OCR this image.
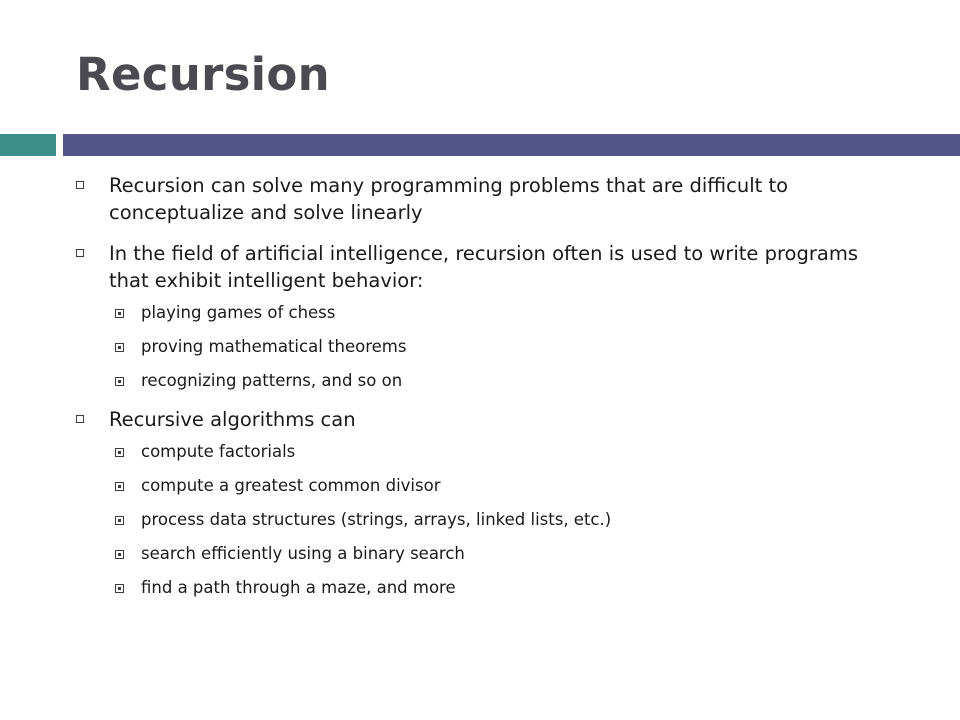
Recursion
Recursion can solve many programming problems that are difficult to conceptualize and solve linearly
In the field of artificial intelligence, recursion often is used to write programs that exhibit intelligent behavior:
playing games of chess
proving mathematical theorems
recognizing patterns, and so on
Recursive algorithms can
compute factorials
compute a greatest common divisor
process data structures (strings, arrays, linked lists, etc.)
search efficiently using a binary search
find a path through a maze, and more
